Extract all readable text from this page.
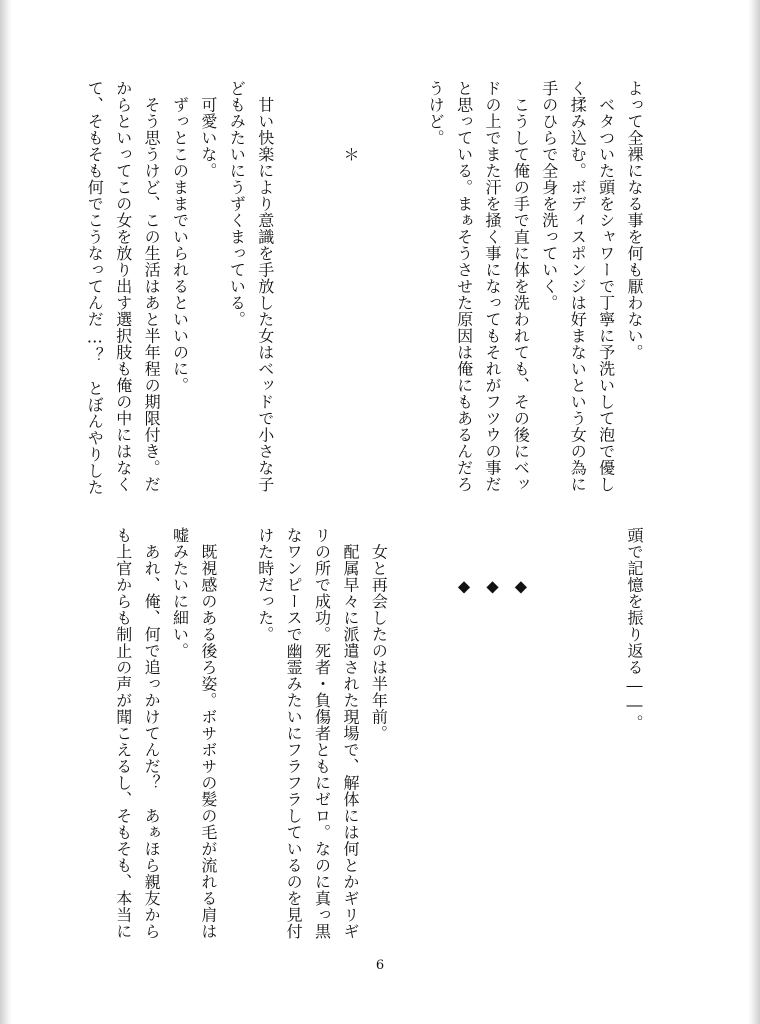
よって全裸になる事を何も厭わない。
　ベタついた頭をシャワーで丁寧に予洗いして泡で優し
く揉み込む。ボディスポンジは好まないという女の為に
手のひらで全身を洗っていく。
　こうして俺の手で直に体を洗われても、その後にベッ
ドの上でまた汗を掻く事になってもそれがフツウの事だ
と思っている。まぁそうさせた原因は俺にもあるんだろ
うけど。

　　　　＊

　甘い快楽により意識を手放した女はベッドで小さな子
どもみたいにうずくまっている。
　可愛いな。
　ずっとこのままでいられるといいのに。
　そう思うけど、この生活はあと半年程の期限付き。だ
からといってこの女を放り出す選択肢も俺の中にはなく
て、そもそも何でこうなってんだ…？　とぼんやりした
頭で記憶を振り返る――。

　　　◆
　　　◆
　　　◆

　女と再会したのは半年前。
　配属早々に派遣された現場で、解体には何とかギリギ
リの所で成功。死者・負傷者ともにゼロ。なのに真っ黒
なワンピースで幽霊みたいにフラフラしているのを見付
けた時だった。

　既視感のある後ろ姿。ボサボサの髪の毛が流れる肩は
嘘みたいに細い。
　あれ、俺、何で追っかけてんだ？　あぁほら親友から
も上官からも制止の声が聞こえるし、そもそも、本当に
6
